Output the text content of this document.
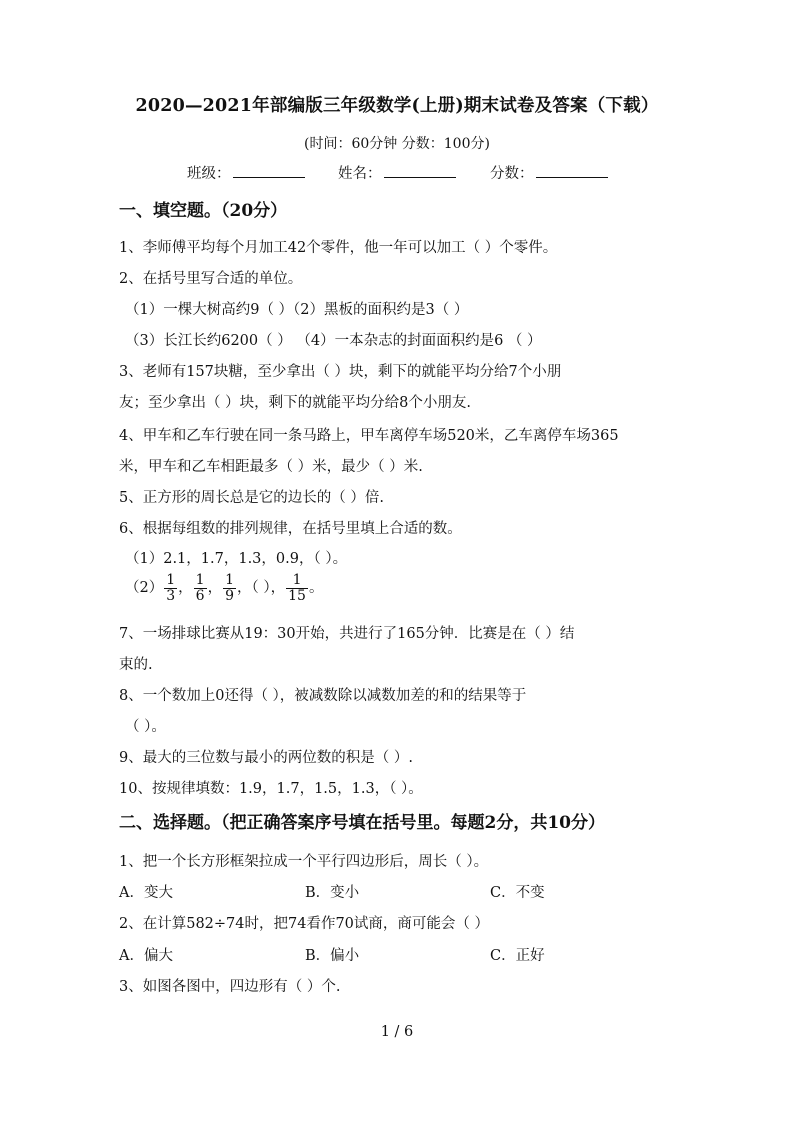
2020—2021年部编版三年级数学(上册)期末试卷及答案（下载）
(时间：60分钟 分数：100分)
班级：	姓名：	分数：
一、填空题。（20分）
1、李师傅平均每个月加工42个零件，他一年可以加工（ ）个零件。
2、在括号里写合适的单位。
（1）一棵大树高约9（ ）（2）黑板的面积约是3（ ）
（3）长江长约6200（ ） （4）一本杂志的封面面积约是6 （ ）
3、老师有157块糖，至少拿出（ ）块，剩下的就能平均分给7个小朋
友；至少拿出（ ）块，剩下的就能平均分给8个小朋友.
4、甲车和乙车行驶在同一条马路上，甲车离停车场520米，乙车离停车场365
米，甲车和乙车相距最多（ ）米，最少（ ）米.
5、正方形的周长总是它的边长的（ ）倍.
6、根据每组数的排列规律，在括号里填上合适的数。
（1）2.1，1.7，1.3，0.9，（ ）。
$(2) \frac{1}{3}$ ， $\frac{1}{6}$ ， $\frac{1}{9}$ ，（ ）， $\frac{1}{15}$ 。
7、一场排球比赛从19：30开始，共进行了165分钟．比赛是在（ ）结
束的.
8、一个数加上0还得（ ），被减数除以减数加差的和的结果等于
（ ）。
9、最大的三位数与最小的两位数的积是（ ）.
10、按规律填数：1.9，1.7，1.5，1.3，（ ）。
二、选择题。（把正确答案序号填在括号里。每题2分，共10分）
1、把一个长方形框架拉成一个平行四边形后，周长（ ）。
A．变大	B．变小	C．不变
2、在计算582÷74时，把74看作70试商，商可能会（ ）
A．偏大	B．偏小	C．正好
3、如图各图中，四边形有（ ）个.
1 / 6
